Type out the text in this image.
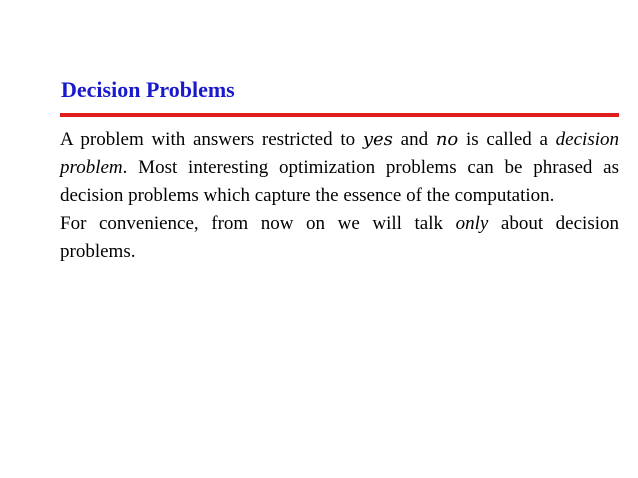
Decision Problems

A problem with answers restricted to yes and no is called a decision problem. Most interesting optimization problems can be phrased as decision problems which capture the essence of the computation.

For convenience, from now on we will talk only about decision problems.
